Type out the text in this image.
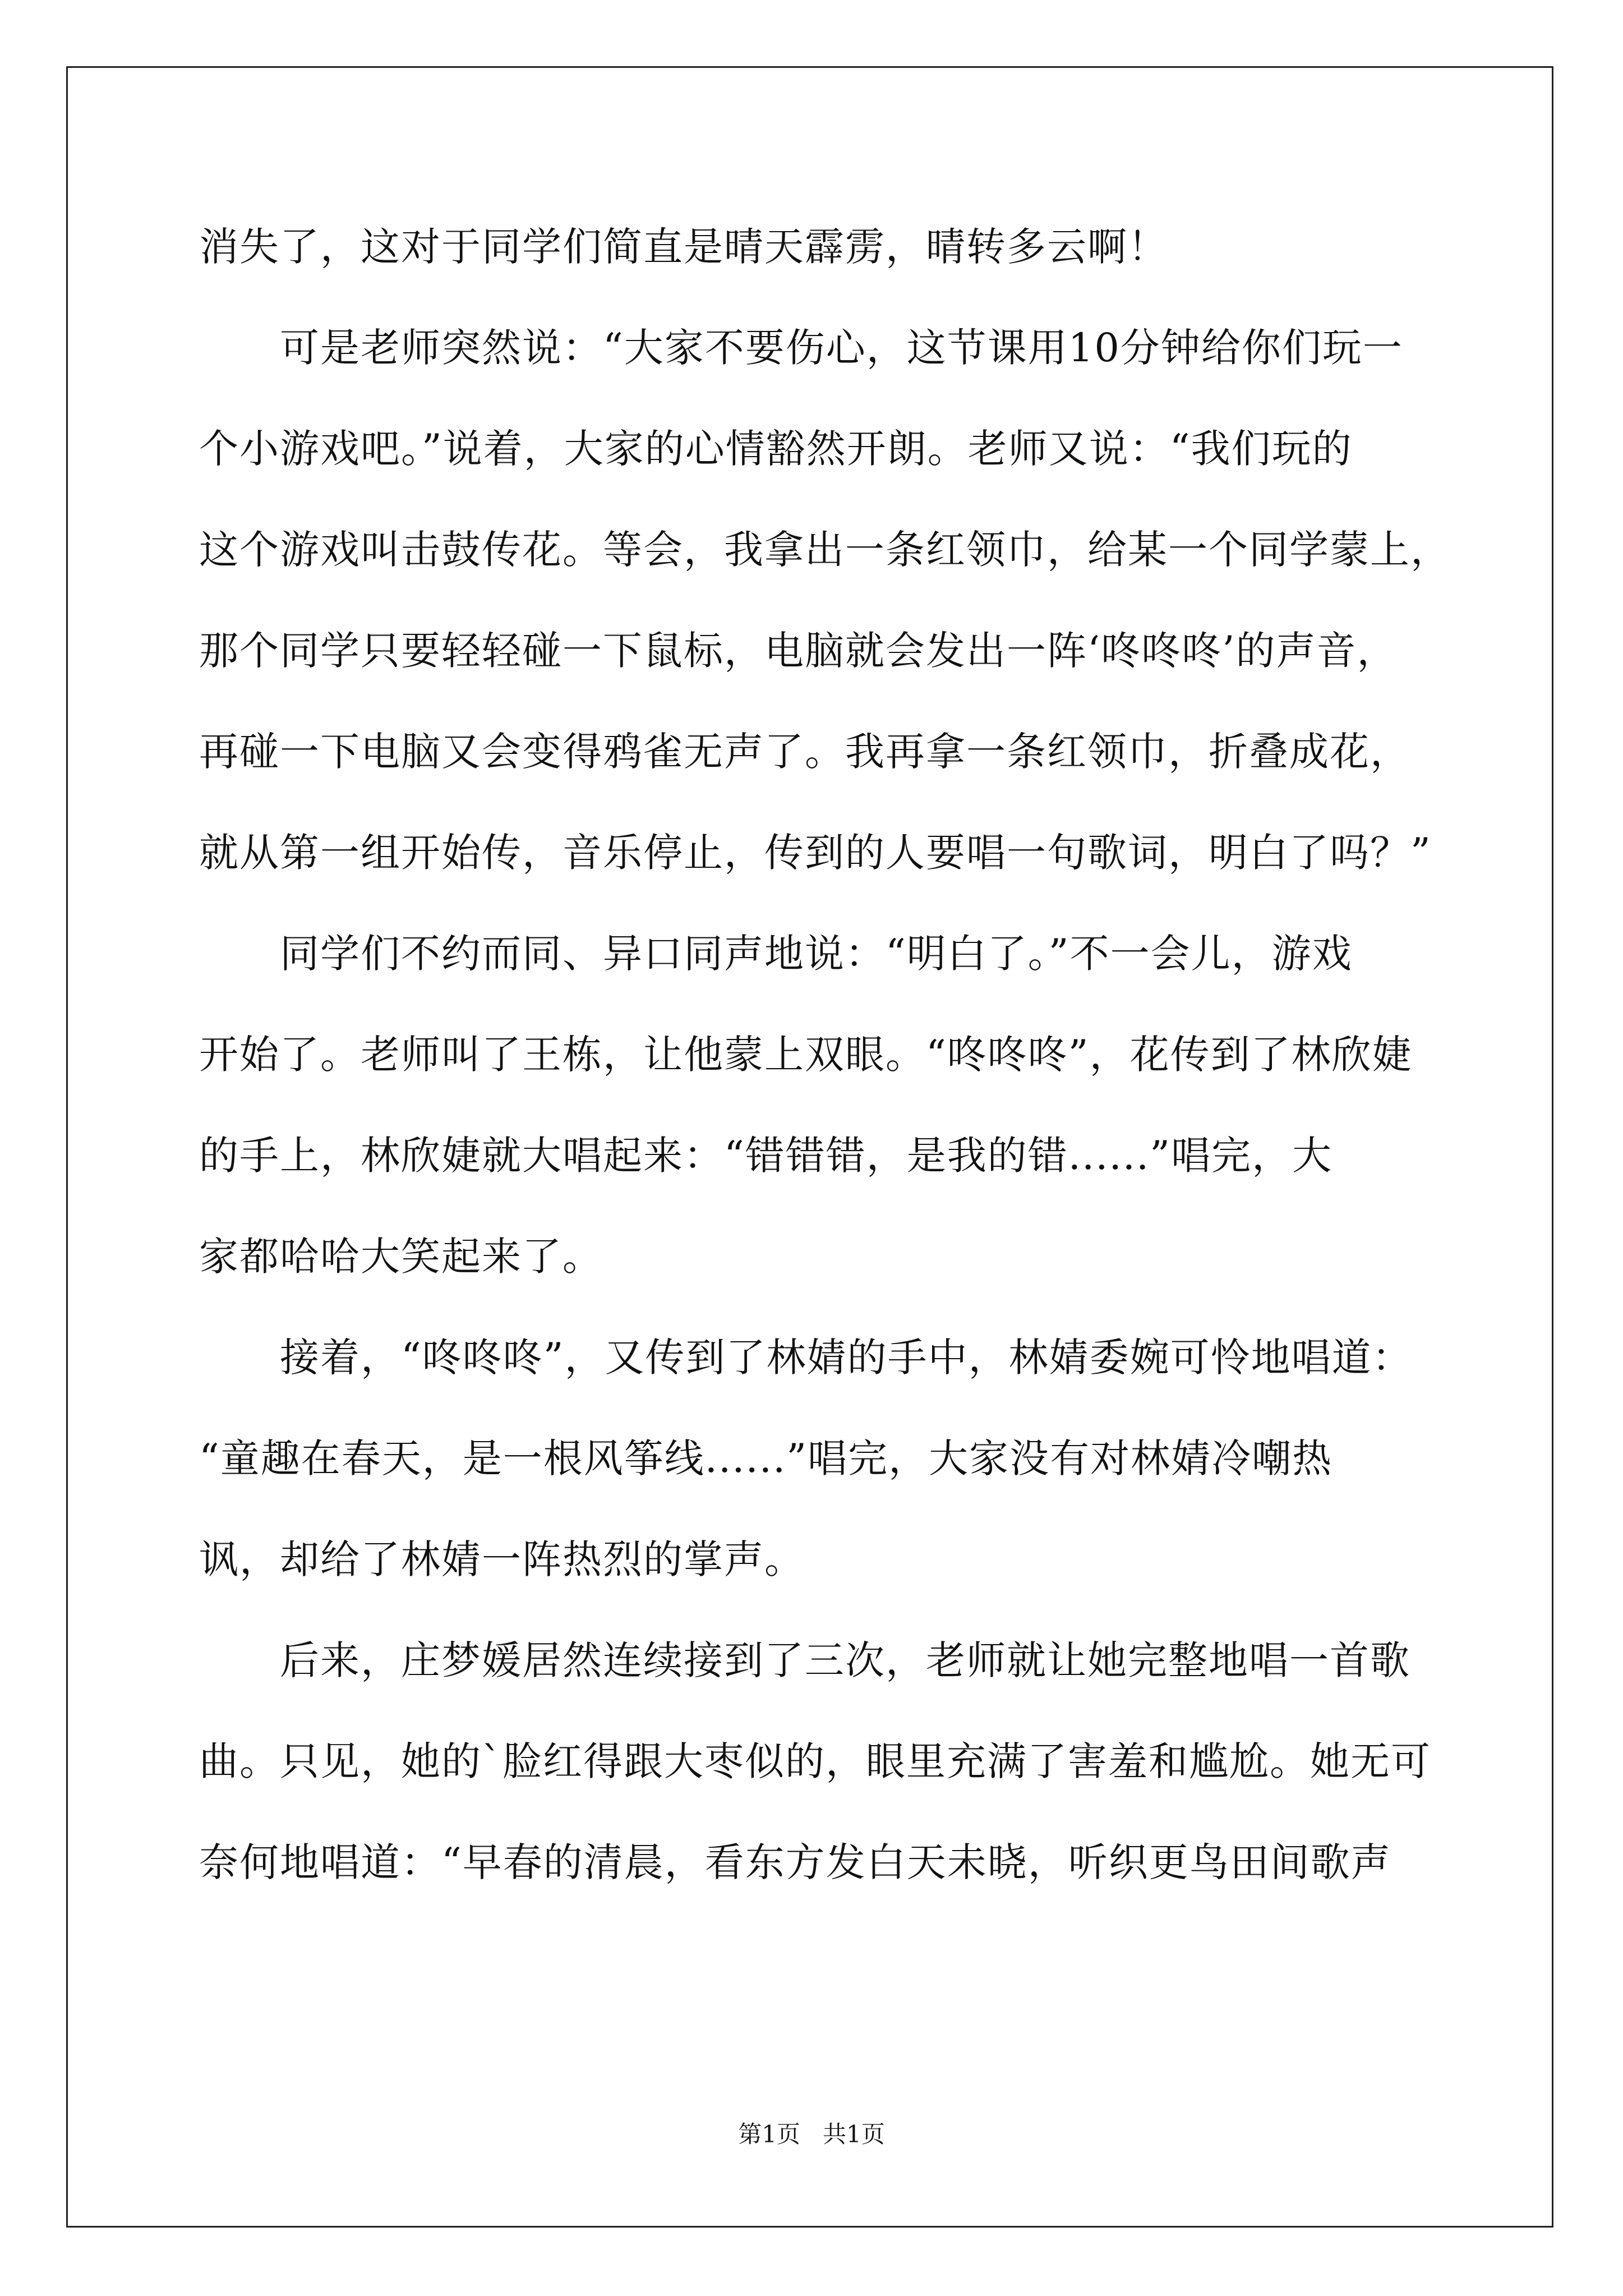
消失了，这对于同学们简直是晴天霹雳，晴转多云啊！
　　可是老师突然说：“大家不要伤心，这节课用10分钟给你们玩一
个小游戏吧。”说着，大家的心情豁然开朗。老师又说：“我们玩的
这个游戏叫击鼓传花。等会，我拿出一条红领巾，给某一个同学蒙上，
那个同学只要轻轻碰一下鼠标，电脑就会发出一阵‘咚咚咚’的声音，
再碰一下电脑又会变得鸦雀无声了。我再拿一条红领巾，折叠成花，
就从第一组开始传，音乐停止，传到的人要唱一句歌词，明白了吗？”
　　同学们不约而同、异口同声地说：“明白了。”不一会儿，游戏
开始了。老师叫了王栋，让他蒙上双眼。“咚咚咚”，花传到了林欣婕
的手上，林欣婕就大唱起来：“错错错，是我的错......”唱完，大
家都哈哈大笑起来了。
　　接着，“咚咚咚”，又传到了林婧的手中，林婧委婉可怜地唱道：
“童趣在春天，是一根风筝线......”唱完，大家没有对林婧冷嘲热
讽，却给了林婧一阵热烈的掌声。
　　后来，庄梦媛居然连续接到了三次，老师就让她完整地唱一首歌
曲。只见，她的`脸红得跟大枣似的，眼里充满了害羞和尴尬。她无可
奈何地唱道：“早春的清晨，看东方发白天未晓，听织更鸟田间歌声
第1页 共1页
